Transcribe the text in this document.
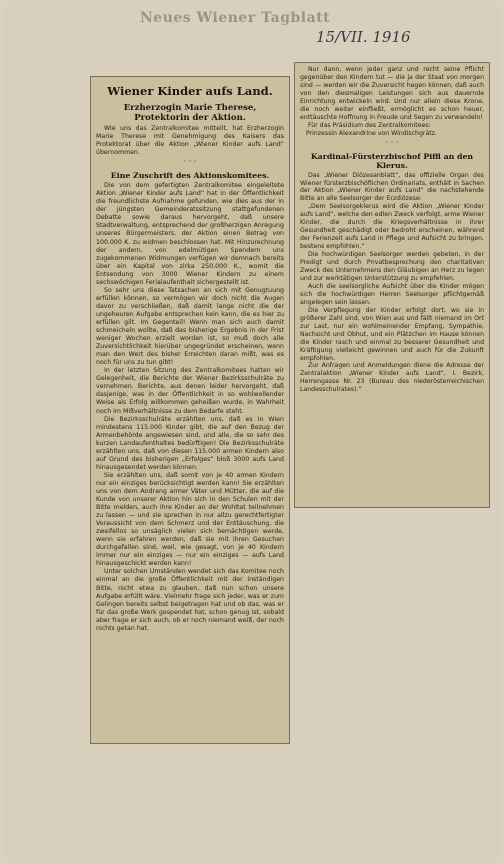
Neues Wiener Tagblatt
15/VII. 1916
Wiener Kinder aufs Land.
Erzherzogin Marie Therese, Protektorin der Aktion.

Wie uns das Zentralkomitee mitteilt, hat Erzherzogin Marie Therese mit Genehmigung des Kaisers das Protektorat über die Aktion „Wiener Kinder aufs Land“ übernommen.

· · ·
Eine Zuschrift des Aktionskomitees.

Die von dem gefertigten Zentralkomitee eingeleitete Aktion „Wiener Kinder aufs Land“ hat in der Öffentlichkeit die freundlichste Aufnahme gefunden, wie dies aus der in der jüngsten Gemeinderatssitzung stattgefundenen Debatte sowie daraus hervorgeht, daß unsere Stadtverwaltung, entsprechend der großherzigen Anregung unseres Bürgermeisters, der Aktion einen Betrag von 100.000 K. zu widmen beschlossen hat. Mit Hinzurechnung der andern, von edelmütigen Spendern uns zugekommenen Widmungen verfügen wir demnach bereits über ein Kapital von zirka 250.000 K., womit die Entsendung von 3000 Wiener Kindern zu einem sechswöchigen Ferialaufenthalt sichergestellt ist.

So sehr uns diese Tatsachen an sich mit Genugtuung erfüllen können, so vermögen wir doch nicht die Augen davor zu verschließen, daß damit lange nicht die der ungeheuren Aufgabe entsprechen kein kann, die es hier zu erfüllen gilt. Im Gegenteil! Wenn man sich auch damit schmeicheln wollte, daß das bisherige Ergebnis in der Frist weniger Wochen erzielt worden ist, so muß doch alle Zuversichtlichkeit hierüber ungegründet erscheinen, wenn man den Wert des bisher Erreichten daran mißt, was es noch für uns zu tun gibt!

In der letzten Sitzung des Zentralkomitees hatten wir Gelegenheit, die Berichte der Wiener Bezirksschulräte zu vernehmen. Berichte, aus denen leider hervorgeht, daß dasjenige, was in der Öffentlichkeit in so wohlwollender Weise als Erfolg willkommen geheißen wurde, in Wahrheit noch im Mißverhältnisse zu dem Bedarfe steht.

Die Bezirksschulräte erzählten uns, daß es in Wien mindestens 115.000 Kinder gibt, die auf den Bezug der Armenbehörde angewiesen sind, und alle, die so sehr des kurzen Landaufenthaltes bedürftigen! Die Bezirksschulräte erzählten uns, daß von diesen 115.000 armen Kindern also auf Grund des bisherigen „Erfolges“ bloß 3000 aufs Land hinausgesendet werden können.

Sie erzählten uns, daß somit von je 40 armen Kindern nur ein einziges berücksichtigt werden kann! Sie erzählten uns von dem Andrang armer Väter und Mütter, die auf die Kunde von unserer Aktion hin sich in den Schulen mit der Bitte melden, auch ihre Kinder an der Wohltat teilnehmen zu lassen — und sie sprechen in nur allzu gerechtfertigter Voraussicht von dem Schmerz und der Enttäuschung, die zweifellos so unsäglich vielen sich bemächtigen werde, wenn sie erfahren werden, daß sie mit ihren Gesuchen durchgefallen sind, weil, wie gesagt, von je 40 Kindern immer nur ein einziges — nur ein einziges — aufs Land hinausgeschickt werden kann!

Unter solchen Umständen wendet sich das Komitee noch einmal an die große Öffentlichkeit mit der inständigen Bitte, nicht etwa zu glauben, daß nun schon unsere Aufgabe erfüllt wäre. Vielmehr frage sich jeder, was er zum Gelingen bereits selbst beigetragen hat und ob das, was er für das große Werk gespendet hat, schon genug ist, sobald aber frage er sich auch, ob er noch niemand weiß, der noch nichts getan hat.

Nur dann, wenn jeder ganz und recht seine Pflicht gegenüber den Kindern tut — die ja der Staat von morgen sind — werden wir die Zuversicht hegen können, daß auch von den diesmaligen Leistungen sich aus dauernde Einrichtung entwickeln wird. Und nur allein diese Krone, die noch weiter einfließt, ermöglicht es schon heuer, enttäuschte Hoffnung in Freude und Segen zu verwandeln!

Für das Präsidium des Zentralkomitees:

Prinzessin Alexandrine von Windischgrätz.

· · ·
Kardinal-Fürsterzbischof Piffl an den Klerus.

Das „Wiener Diözesanblatt“, das offizielle Organ des Wiener fürsterzbischöflichen Ordinariats, enthält in Sachen der Aktion „Wiener Kinder aufs Land“ die nachstehende Bitte an alle Seelsorger der Erzdiözese:

„Dem Seelsorgeklerus wird die Aktion „Wiener Kinder aufs Land“, welche den edlen Zweck verfolgt, arme Wiener Kinder, die durch die Kriegsverhältnisse in ihrer Gesundheit geschädigt oder bedroht erscheinen, während der Ferienzeit aufs Land in Pflege und Aufsicht zu bringen, bestens empfohlen.“

Die hochwürdigen Seelsorger werden gebeten, in der Predigt und durch Privatbesprechung den charitativen Zweck des Unternehmens den Gläubigen an Herz zu legen und zur werktätigen Unterstützung zu empfehlen.

Auch die seelsorgliche Aufsicht über die Kinder mögen sich die hochwürdigen Herren Seelsorger pflichtgemäß angelegen sein lassen.

Die Verpflegung der Kinder erfolgt dort, wo sie in größerer Zahl sind, von Wien aus und fällt niemand im Ort zur Last, nur ein wohlmeinender Empfang, Sympathie, Nachsicht und Obhut, und ein Plätzchen im Hause können die Kinder rasch und einmal zu besserer Gesundheit und Kräftigung vielleicht gewinnen und auch für die Zukunft empfohlen.

Zur Anfragen und Anmeldungen diene die Adresse der Zentralaktion „Wiener Kinder aufs Land“, I. Bezirk, Herrengasse Nr. 23 (Bureau des niederösterreichischen Landesschulrates).“
